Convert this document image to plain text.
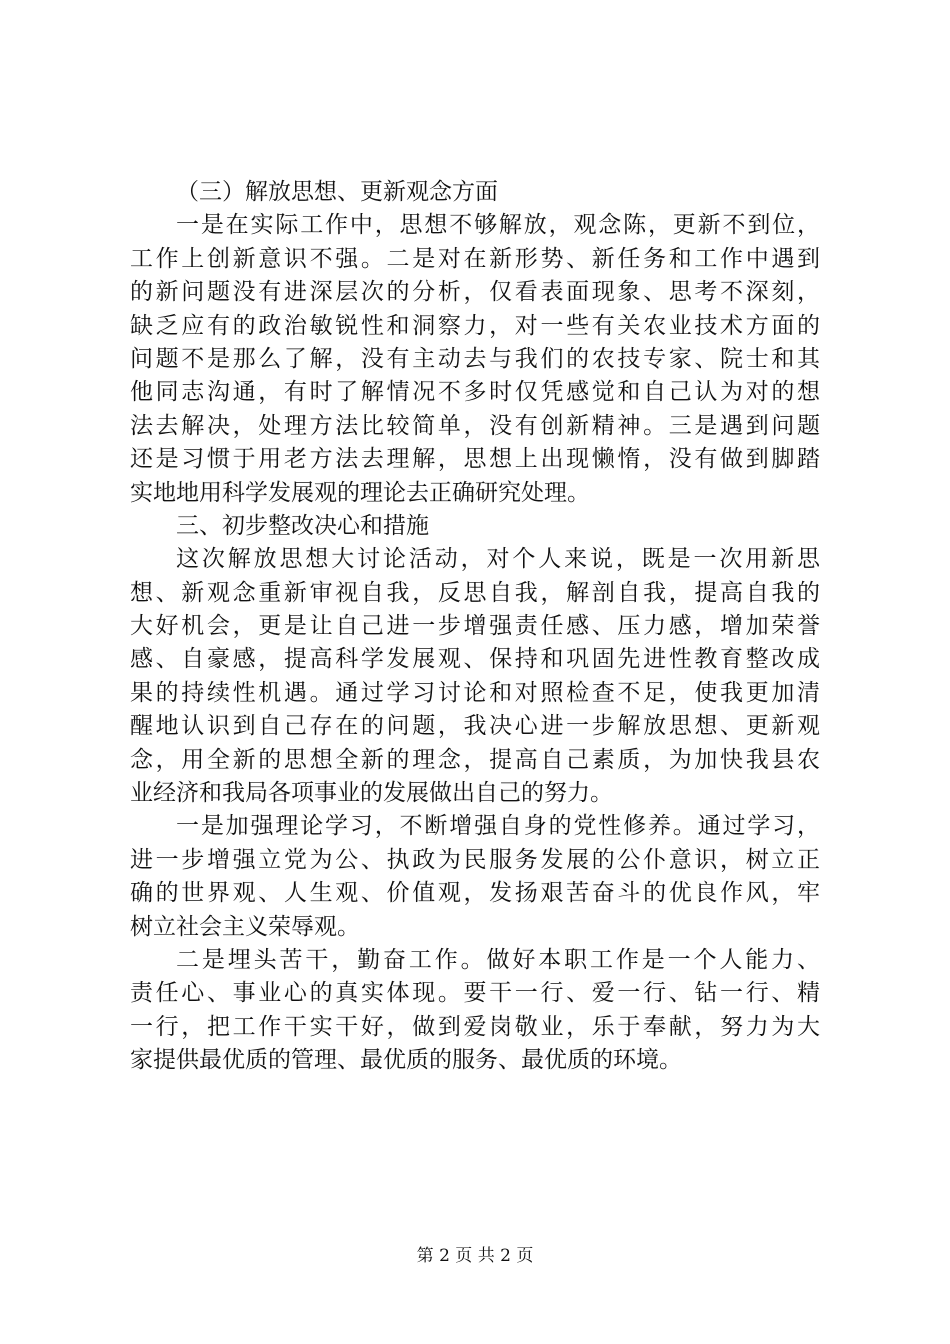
（三）解放思想、更新观念方面
一是在实际工作中，思想不够解放，观念陈，更新不到位，
工作上创新意识不强。二是对在新形势、新任务和工作中遇到
的新问题没有进深层次的分析，仅看表面现象、思考不深刻，
缺乏应有的政治敏锐性和洞察力，对一些有关农业技术方面的
问题不是那么了解，没有主动去与我们的农技专家、院士和其
他同志沟通，有时了解情况不多时仅凭感觉和自己认为对的想
法去解决，处理方法比较简单，没有创新精神。三是遇到问题
还是习惯于用老方法去理解，思想上出现懒惰，没有做到脚踏
实地地用科学发展观的理论去正确研究处理。
三、初步整改决心和措施
这次解放思想大讨论活动，对个人来说，既是一次用新思
想、新观念重新审视自我，反思自我，解剖自我，提高自我的
大好机会，更是让自己进一步增强责任感、压力感，增加荣誉
感、自豪感，提高科学发展观、保持和巩固先进性教育整改成
果的持续性机遇。通过学习讨论和对照检查不足，使我更加清
醒地认识到自己存在的问题，我决心进一步解放思想、更新观
念，用全新的思想全新的理念，提高自己素质，为加快我县农
业经济和我局各项事业的发展做出自己的努力。
一是加强理论学习，不断增强自身的党性修养。通过学习，
进一步增强立党为公、执政为民服务发展的公仆意识，树立正
确的世界观、人生观、价值观，发扬艰苦奋斗的优良作风，牢
树立社会主义荣辱观。
二是埋头苦干，勤奋工作。做好本职工作是一个人能力、
责任心、事业心的真实体现。要干一行、爱一行、钻一行、精
一行，把工作干实干好，做到爱岗敬业，乐于奉献，努力为大
家提供最优质的管理、最优质的服务、最优质的环境。
第 2 页 共 2 页
